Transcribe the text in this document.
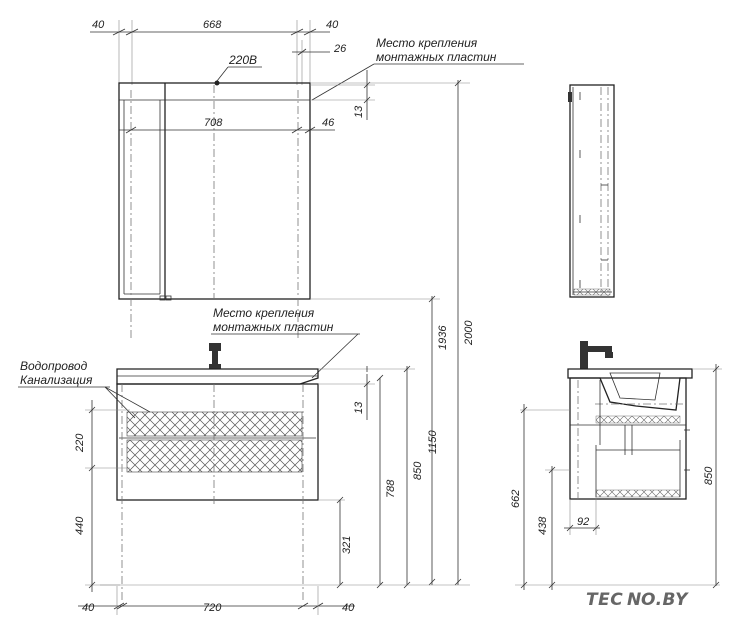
40	668	40
26
220В
Место крепления
монтажных пластин
708	46
13
1936 2000
Место крепления
монтажных пластин
Водопровод
Канализация
220
440
13
788
850
1150
321
40	720	40
850
662
438	92
TEC N O.BY
